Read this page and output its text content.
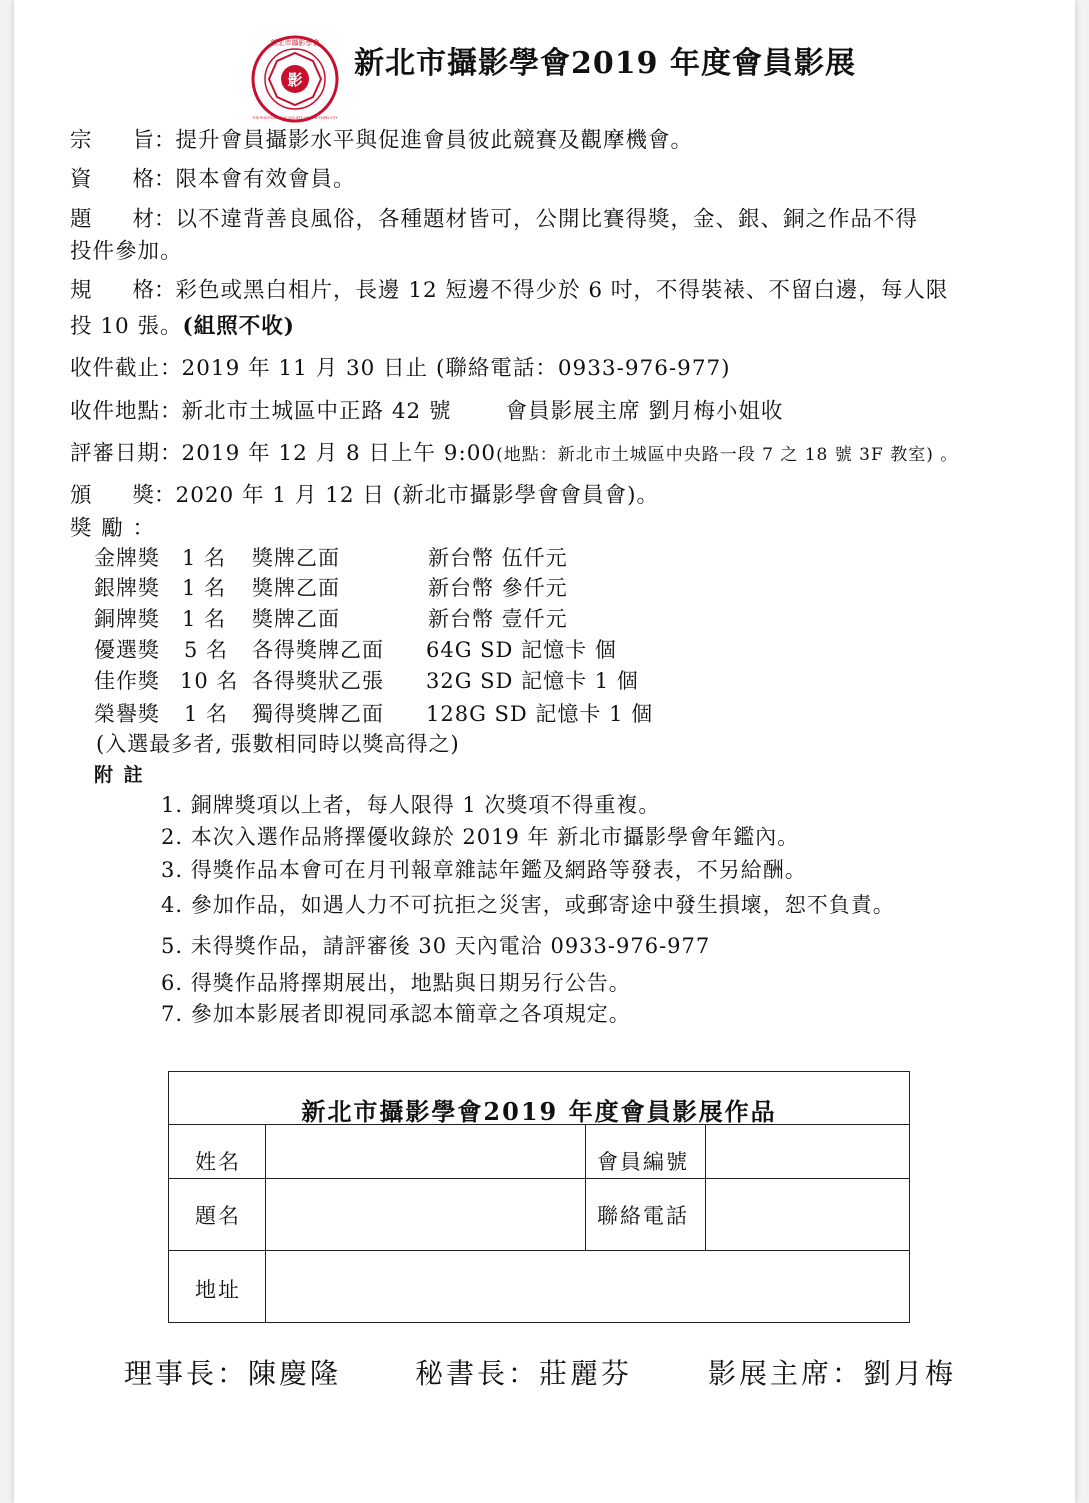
影
新北市攝影學會
THE PHOTOGRAPHIC SOCIETY OF NEW TAIPEI CITY
新北市攝影學會2019 年度會員影展
宗旨：提升會員攝影水平與促進會員彼此競賽及觀摩機會。
資格：限本會有效會員。
題材：以不違背善良風俗，各種題材皆可，公開比賽得獎，金、銀、銅之作品不得
投件參加。
規格：彩色或黑白相片，長邊 12 短邊不得少於 6 吋，不得裝裱、不留白邊，每人限
投 10 張。(組照不收)
收件截止：2019 年 11 月 30 日止 (聯絡電話：0933-976-977)
收件地點：新北市土城區中正路 42 號	會員影展主席 劉月梅小姐收
評審日期：2019 年 12 月 8 日上午 9:00(地點：新北市土城區中央路一段 7 之 18 號 3F 教室) 。
頒獎：2020 年 1 月 12 日 (新北市攝影學會會員會)。
獎勵：
金牌獎 1 名 獎牌乙面	新台幣 伍仟元
銀牌獎 1 名 獎牌乙面	新台幣 參仟元
銅牌獎 1 名 獎牌乙面	新台幣 壹仟元
優選獎 5 名 各得獎牌乙面 64G SD 記憶卡 個
佳作獎 10 名 各得獎狀乙張 32G SD 記憶卡 1 個
榮譽獎 1 名 獨得獎牌乙面 128G SD 記憶卡 1 個
(入選最多者, 張數相同時以獎高得之)
附 註
1. 銅牌獎項以上者，每人限得 1 次獎項不得重複。
2. 本次入選作品將擇優收錄於 2019 年 新北市攝影學會年鑑內。
3. 得獎作品本會可在月刊報章雜誌年鑑及網路等發表，不另給酬。
4. 參加作品，如遇人力不可抗拒之災害，或郵寄途中發生損壞，恕不負責。
5. 未得獎作品，請評審後 30 天內電洽 0933-976-977
6. 得獎作品將擇期展出，地點與日期另行公告。
7. 參加本影展者即視同承認本簡章之各項規定。
新北市攝影學會2019 年度會員影展作品
姓名	會員編號
題名	聯絡電話
地址
理事長：陳慶隆	秘書長：莊麗芬	影展主席：劉月梅
